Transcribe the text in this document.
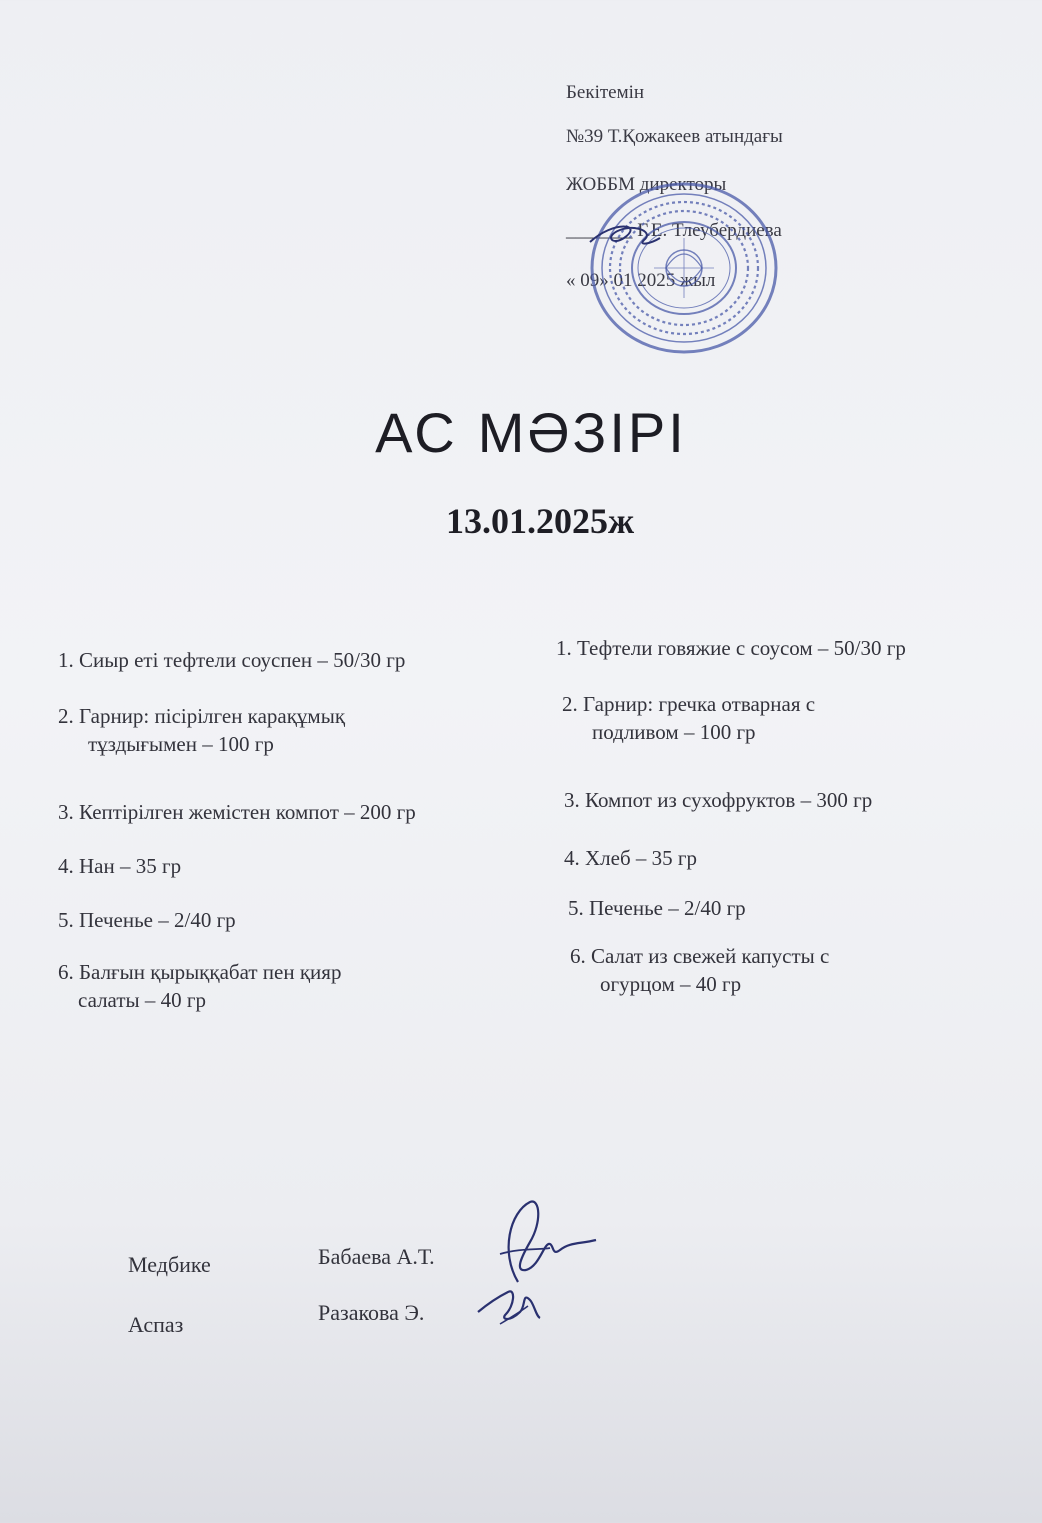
Бекітемін
№39 Т.Қожакеев атындағы
ЖОББМ директоры
_______ Г.Е. Тлеубердиева
« 09» 01 2025 жыл
АС МӘЗІРІ
13.01.2025ж
1. Сиыр еті тефтели соуспен – 50/30 гр
2. Гарнир: пісірілген карақұмық
тұздығымен – 100 гр
3. Кептірілген жемістен компот – 200 гр
4. Нан – 35 гр
5. Печенье – 2/40 гр
6. Балғын қырыққабат пен қияр
салаты – 40 гр
1. Тефтели говяжие с соусом – 50/30 гр
2. Гарнир: гречка отварная с
подливом – 100 гр
3. Компот из сухофруктов – 300 гр
4. Хлеб – 35 гр
5. Печенье – 2/40 гр
6. Салат из свежей капусты с
огурцом – 40 гр
Медбике	Бабаева А.Т.
Аспаз	Разакова Э.
